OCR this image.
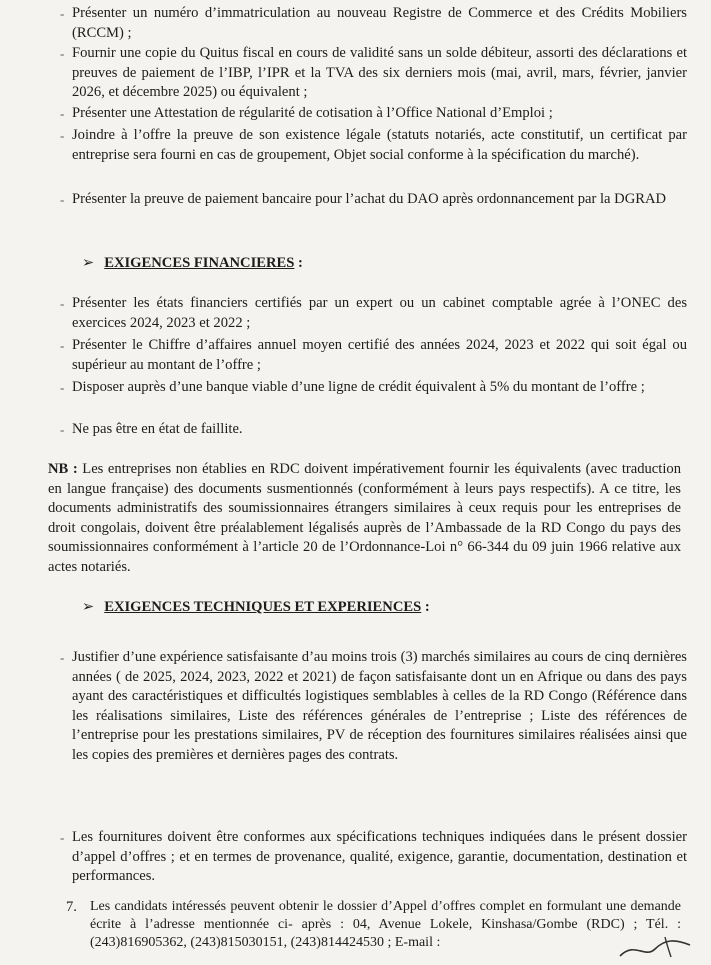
- Présenter un numéro d’immatriculation au nouveau Registre de Commerce et des Crédits Mobiliers (RCCM) ;
- Fournir une copie du Quitus fiscal en cours de validité sans un solde débiteur, assorti des déclarations et preuves de paiement de l’IBP, l’IPR et la TVA des six derniers mois (mai, avril, mars, février, janvier 2026, et décembre 2025) ou équivalent ;
- Présenter une Attestation de régularité de cotisation à l’Office National d’Emploi ;
- Joindre à l’offre la preuve de son existence légale (statuts notariés, acte constitutif, un certificat par entreprise sera fourni en cas de groupement, Objet social conforme à la spécification du marché).
- Présenter la preuve de paiement bancaire pour l’achat du DAO après ordonnancement par la DGRAD
➢ EXIGENCES FINANCIERES :
- Présenter les états financiers certifiés par un expert ou un cabinet comptable agrée à l’ONEC des exercices 2024, 2023 et 2022 ;
- Présenter le Chiffre d’affaires annuel moyen certifié des années 2024, 2023 et 2022 qui soit égal ou supérieur au montant de l’offre ;
- Disposer auprès d’une banque viable d’une ligne de crédit équivalent à 5% du montant de l’offre ;
- Ne pas être en état de faillite.
NB : Les entreprises non établies en RDC doivent impérativement fournir les équivalents (avec traduction en langue française) des documents susmentionnés (conformément à leurs pays respectifs). A ce titre, les documents administratifs des soumissionnaires étrangers similaires à ceux requis pour les entreprises de droit congolais, doivent être préalablement légalisés auprès de l’Ambassade de la RD Congo du pays des soumissionnaires conformément à l’article 20 de l’Ordonnance-Loi n° 66-344 du 09 juin 1966 relative aux actes notariés.
➢ EXIGENCES TECHNIQUES ET EXPERIENCES :
- Justifier d’une expérience satisfaisante d’au moins trois (3) marchés similaires au cours de cinq dernières années ( de 2025, 2024, 2023, 2022 et 2021) de façon satisfaisante dont un en Afrique ou dans des pays ayant des caractéristiques et difficultés logistiques semblables à celles de la RD Congo (Référence dans les réalisations similaires, Liste des références générales de l’entreprise ; Liste des références de l’entreprise pour les prestations similaires, PV de réception des fournitures similaires réalisées ainsi que les copies des premières et dernières pages des contrats.
- Les fournitures doivent être conformes aux spécifications techniques indiquées dans le présent dossier d’appel d’offres ; et en termes de provenance, qualité, exigence, garantie, documentation, destination et performances.
7. Les candidats intéressés peuvent obtenir le dossier d’Appel d’offres complet en formulant une demande écrite à l’adresse mentionnée ci- après : 04, Avenue Lokele, Kinshasa/Gombe (RDC) ; Tél. : (243)816905362, (243)815030151, (243)814424530 ; E-mail :
